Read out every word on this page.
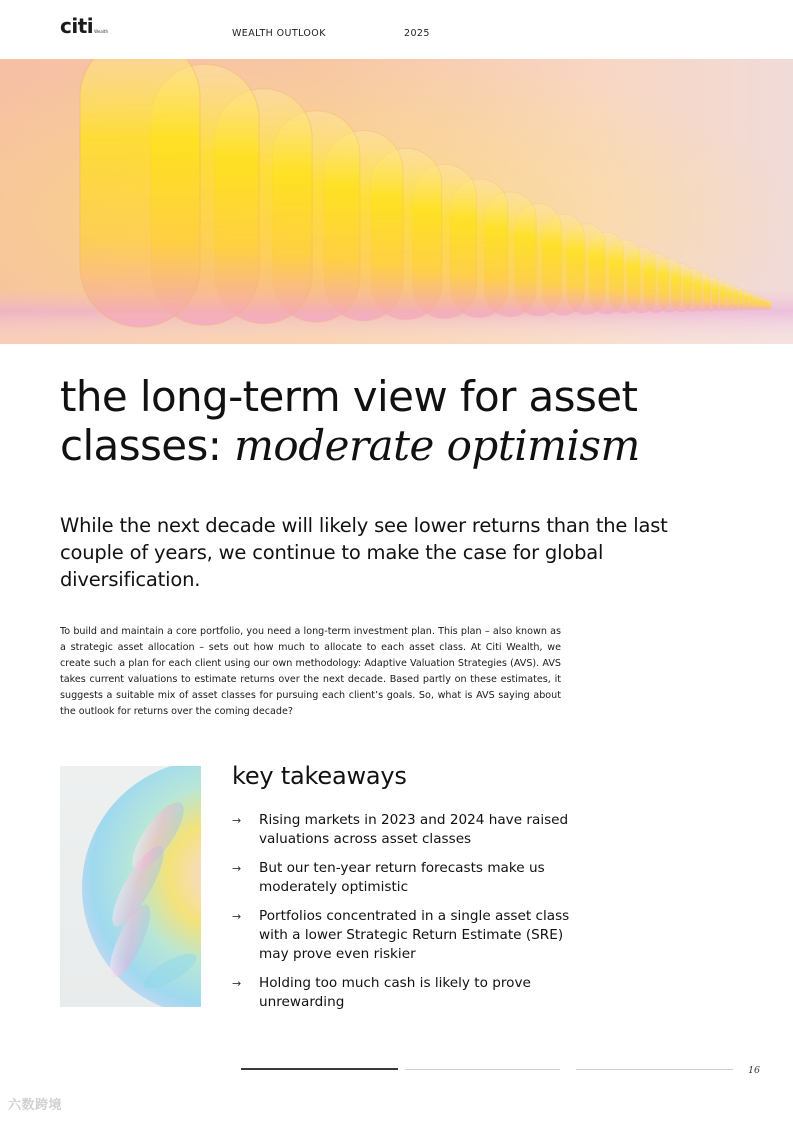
citi Wealth	WEALTH OUTLOOK	2025
the long-term view for asset
classes: moderate optimism
While the next decade will likely see lower returns than the last couple of years, we continue to make the case for global diversification.
To build and maintain a core portfolio, you need a long-term investment plan. This plan – also known as a strategic asset allocation – sets out how much to allocate to each asset class. At Citi Wealth, we create such a plan for each client using our own methodology: Adaptive Valuation Strategies (AVS). AVS takes current valuations to estimate returns over the next decade. Based partly on these estimates, it suggests a suitable mix of asset classes for pursuing each client’s goals. So, what is AVS saying about the outlook for returns over the coming decade?
key takeaways
→ Rising markets in 2023 and 2024 have raised valuations across asset classes
→ But our ten-year return forecasts make us moderately optimistic
→ Portfolios concentrated in a single asset class with a lower Strategic Return Estimate (SRE) may prove even riskier
→ Holding too much cash is likely to prove unrewarding
16
六数跨境
